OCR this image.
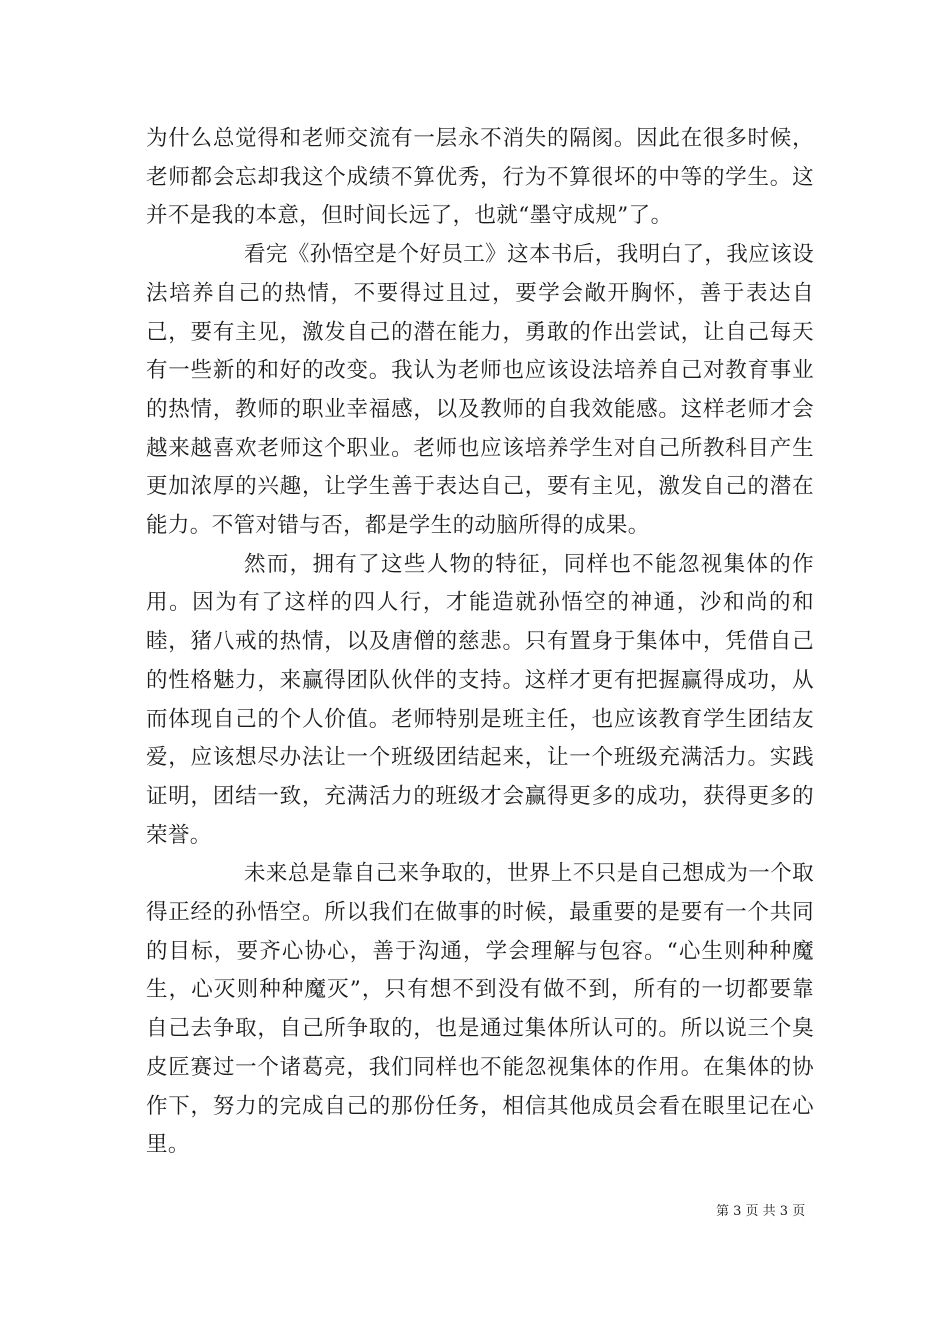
为什么总觉得和老师交流有一层永不消失的隔阂。因此在很多时候，老师都会忘却我这个成绩不算优秀，行为不算很坏的中等的学生。这并不是我的本意，但时间长远了，也就“墨守成规”了。

看完《孙悟空是个好员工》这本书后，我明白了，我应该设法培养自己的热情，不要得过且过，要学会敞开胸怀，善于表达自己，要有主见，激发自己的潜在能力，勇敢的作出尝试，让自己每天有一些新的和好的改变。我认为老师也应该设法培养自己对教育事业的热情，教师的职业幸福感，以及教师的自我效能感。这样老师才会越来越喜欢老师这个职业。老师也应该培养学生对自己所教科目产生更加浓厚的兴趣，让学生善于表达自己，要有主见，激发自己的潜在能力。不管对错与否，都是学生的动脑所得的成果。

然而，拥有了这些人物的特征，同样也不能忽视集体的作用。因为有了这样的四人行，才能造就孙悟空的神通，沙和尚的和睦，猪八戒的热情，以及唐僧的慈悲。只有置身于集体中，凭借自己的性格魅力，来赢得团队伙伴的支持。这样才更有把握赢得成功，从而体现自己的个人价值。老师特别是班主任，也应该教育学生团结友爱，应该想尽办法让一个班级团结起来，让一个班级充满活力。实践证明，团结一致，充满活力的班级才会赢得更多的成功，获得更多的荣誉。

未来总是靠自己来争取的，世界上不只是自己想成为一个取得正经的孙悟空。所以我们在做事的时候，最重要的是要有一个共同的目标，要齐心协心，善于沟通，学会理解与包容。“心生则种种魔生，心灭则种种魔灭”，只有想不到没有做不到，所有的一切都要靠自己去争取，自己所争取的，也是通过集体所认可的。所以说三个臭皮匠赛过一个诸葛亮，我们同样也不能忽视集体的作用。在集体的协作下，努力的完成自己的那份任务，相信其他成员会看在眼里记在心里。

第 3 页 共 3 页
